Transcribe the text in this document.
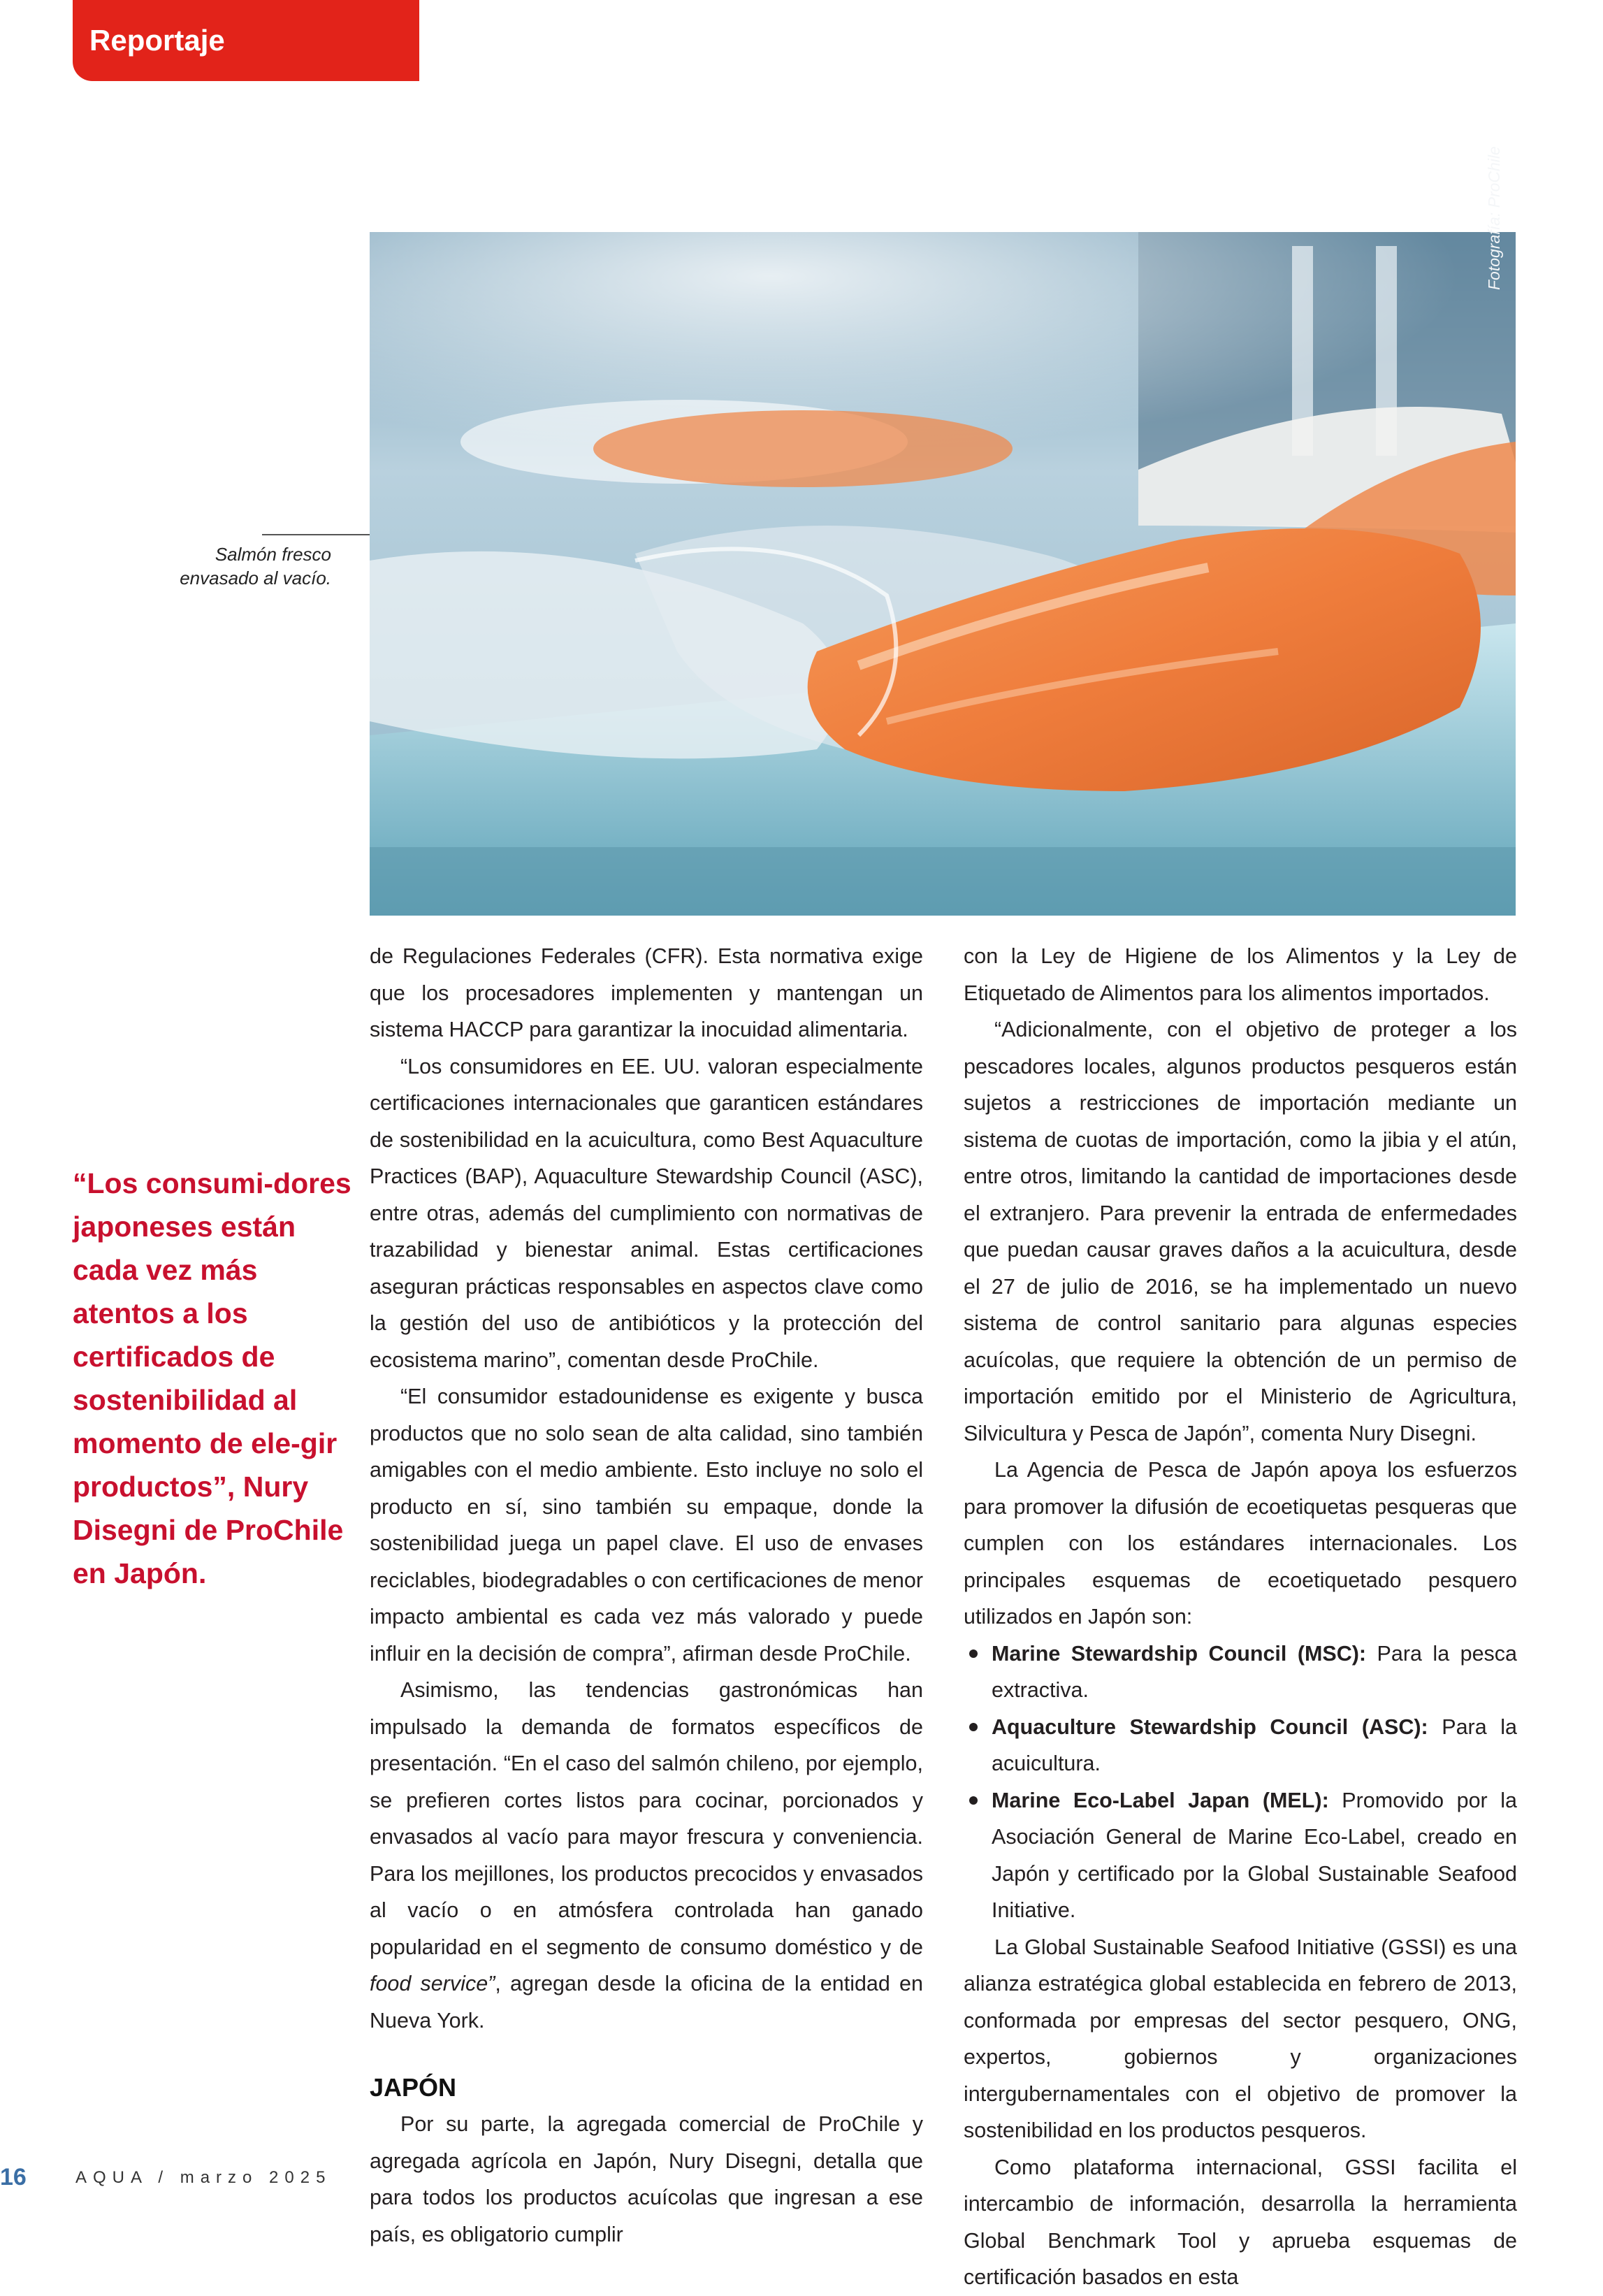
Reportaje
Fotografía: ProChile
Salmón fresco
envasado al vacío.
“Los consumi-dores japoneses están cada vez más atentos a los certificados de sostenibilidad al momento de ele-gir productos”, Nury Disegni de ProChile en Japón.

de Regulaciones Federales (CFR). Esta normativa exige que los procesadores implementen y mantengan un sistema HACCP para garantizar la inocuidad alimentaria.

“Los consumidores en EE. UU. valoran especialmente certificaciones internacionales que garanticen estándares de sostenibilidad en la acuicultura, como Best Aquaculture Practices (BAP), Aquaculture Stewardship Council (ASC), entre otras, además del cumplimiento con normativas de trazabilidad y bienestar animal. Estas certificaciones aseguran prácticas responsables en aspectos clave como la gestión del uso de antibióticos y la protección del ecosistema marino”, comentan desde ProChile.

“El consumidor estadounidense es exigente y busca productos que no solo sean de alta calidad, sino también amigables con el medio ambiente. Esto incluye no solo el producto en sí, sino también su empaque, donde la sostenibilidad juega un papel clave. El uso de envases reciclables, biodegradables o con certificaciones de menor impacto ambiental es cada vez más valorado y puede influir en la decisión de compra”, afirman desde ProChile.

Asimismo, las tendencias gastronómicas han impulsado la demanda de formatos específicos de presentación. “En el caso del salmón chileno, por ejemplo, se prefieren cortes listos para cocinar, porcionados y envasados al vacío para mayor frescura y conveniencia. Para los mejillones, los productos precocidos y envasados al vacío o en atmósfera controlada han ganado popularidad en el segmento de consumo doméstico y de food service”, agregan desde la oficina de la entidad en Nueva York.

JAPÓN

Por su parte, la agregada comercial de ProChile y agregada agrícola en Japón, Nury Disegni, detalla que para todos los productos acuícolas que ingresan a ese país, es obligatorio cumplir

con la Ley de Higiene de los Alimentos y la Ley de Etiquetado de Alimentos para los alimentos importados.

“Adicionalmente, con el objetivo de proteger a los pescadores locales, algunos productos pesqueros están sujetos a restricciones de importación mediante un sistema de cuotas de importación, como la jibia y el atún, entre otros, limitando la cantidad de importaciones desde el extranjero. Para prevenir la entrada de enfermedades que puedan causar graves daños a la acuicultura, desde el 27 de julio de 2016, se ha implementado un nuevo sistema de control sanitario para algunas especies acuícolas, que requiere la obtención de un permiso de importación emitido por el Ministerio de Agricultura, Silvicultura y Pesca de Japón”, comenta Nury Disegni.

La Agencia de Pesca de Japón apoya los esfuerzos para promover la difusión de ecoetiquetas pesqueras que cumplen con los estándares internacionales. Los principales esquemas de ecoetiquetado pesquero utilizados en Japón son:

Marine Stewardship Council (MSC): Para la pesca extractiva.
Aquaculture Stewardship Council (ASC): Para la acuicultura.
Marine Eco-Label Japan (MEL): Promovido por la Asociación General de Marine Eco-Label, creado en Japón y certificado por la Global Sustainable Seafood Initiative.

La Global Sustainable Seafood Initiative (GSSI) es una alianza estratégica global establecida en febrero de 2013, conformada por empresas del sector pesquero, ONG, expertos, gobiernos y organizaciones intergubernamentales con el objetivo de promover la sostenibilidad en los productos pesqueros.

Como plataforma internacional, GSSI facilita el intercambio de información, desarrolla la herramienta Global Benchmark Tool y aprueba esquemas de certificación basados en esta

16	AQUA / marzo 2025
